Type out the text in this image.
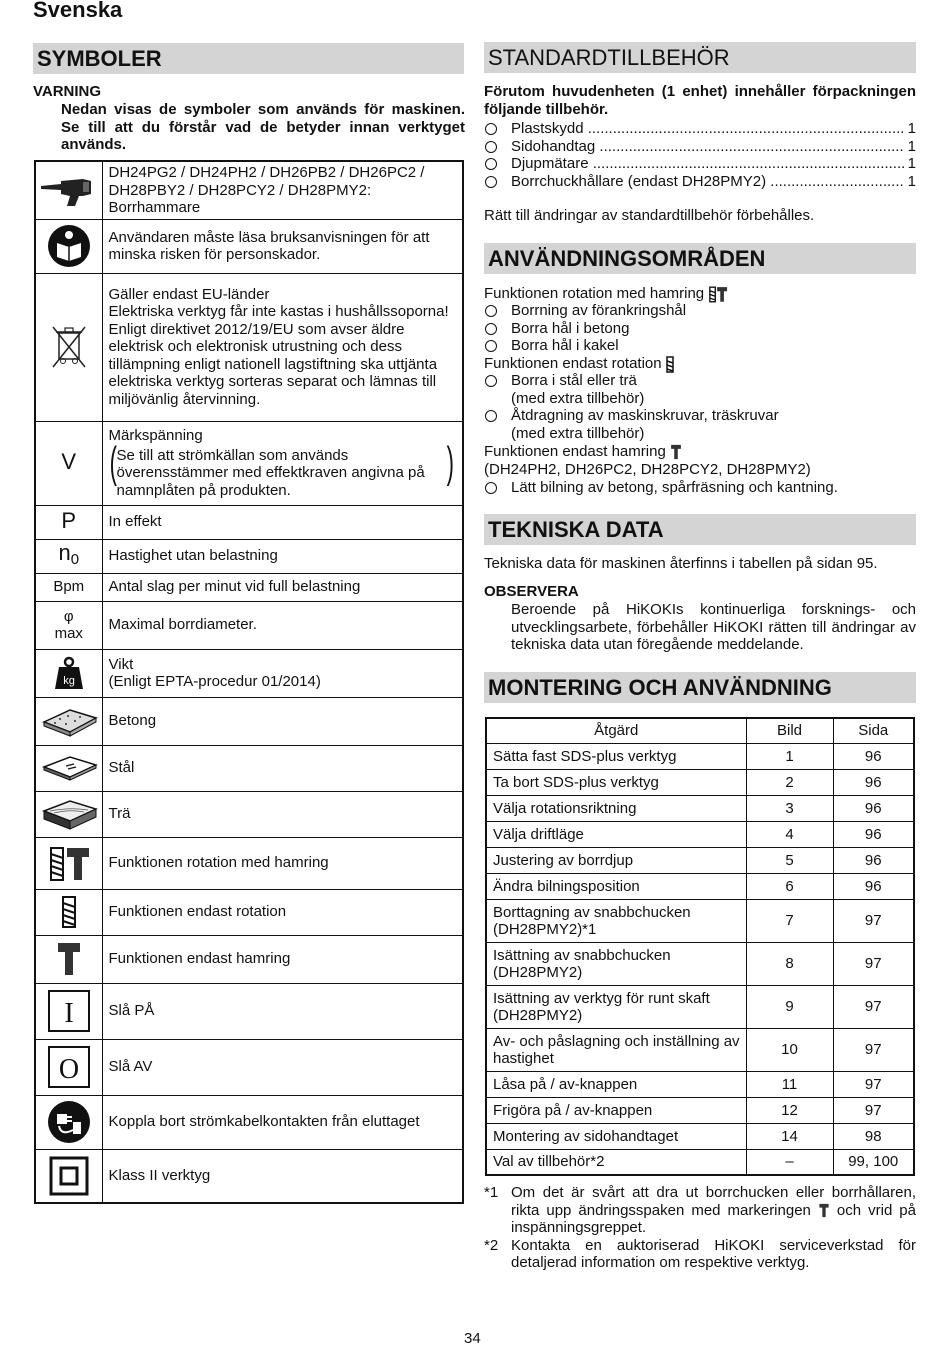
Svenska
SYMBOLER
VARNING
Nedan visas de symboler som används för maskinen. Se till att du förstår vad de betyder innan verktyget används.
	DH24PG2 / DH24PH2 / DH26PB2 / DH26PC2 / DH28PBY2 / DH28PCY2 / DH28PMY2:
Borrhammare
	Användaren måste läsa bruksanvisningen för att minska risken för personskador.
	Gäller endast EU-länder
Elektriska verktyg får inte kastas i hushållssoporna!
Enligt direktivet 2012/19/EU som avser äldre elektrisk och elektronisk utrustning och dess tillämpning enligt nationell lagstiftning ska uttjänta elektriska verktyg sorteras separat och lämnas till miljövänlig återvinning.
V	Märkspänning
( Se till att strömkällan som används överensstämmer med effektkraven angivna på namnplåten på produkten.
)

P	In effekt
$n_0$	Hastighet utan belastning
Bpm	Antal slag per minut vid full belastning

φ
max	Maximal borrdiameter.

kg	Vikt
(Enligt EPTA-procedur 01/2014)
	Betong
	Stål
	Trä
	Funktionen rotation med hamring
	Funktionen endast rotation
	Funktionen endast hamring

I	Slå PÅ

O	Slå AV
	Koppla bort strömkabelkontakten från eluttaget
	Klass II verktyg
STANDARDTILLBEHÖR
Förutom huvudenheten (1 enhet) innehåller förpackningen följande tillbehör.
Plastskydd .....	1
Sidohandtag .....	1
Djupmätare .....	1
Borrchuckhållare (endast DH28PMY2) .....	1
Rätt till ändringar av standardtillbehör förbehålles.
ANVÄNDNINGSOMRÅDEN
Funktionen rotation med hamring
Borrning av förankringshål
Borra hål i betong
Borra hål i kakel
Funktionen endast rotation
Borra i stål eller trä
(med extra tillbehör)
Åtdragning av maskinskruvar, träskruvar
(med extra tillbehör)
Funktionen endast hamring
(DH24PH2, DH26PC2, DH28PCY2, DH28PMY2)
Lätt bilning av betong, spårfräsning och kantning.
TEKNISKA DATA
Tekniska data för maskinen återfinns i tabellen på sidan 95.
OBSERVERA
Beroende på HiKOKIs kontinuerliga forsknings- och utvecklingsarbete, förbehåller HiKOKI rätten till ändringar av tekniska data utan föregående meddelande.
MONTERING OCH ANVÄNDNING
Åtgärd	Bild	Sida
Sätta fast SDS-plus verktyg	1	96
Ta bort SDS-plus verktyg	2	96
Välja rotationsriktning	3	96
Välja driftläge	4	96
Justering av borrdjup	5	96
Ändra bilningsposition	6	96
Borttagning av snabbchucken (DH28PMY2)*1	7	97
Isättning av snabbchucken (DH28PMY2)	8	97
Isättning av verktyg för runt skaft (DH28PMY2)	9	97
Av- och påslagning och inställning av hastighet	10	97
Låsa på / av-knappen	11	97
Frigöra på / av-knappen	12	97
Montering av sidohandtaget	14	98
Val av tillbehör*2	–	99, 100
*1 Om det är svårt att dra ut borrchucken eller borrhållaren, rikta upp ändringsspaken med markeringen och vrid på inspänningsgreppet.
*2 Kontakta en auktoriserad HiKOKI serviceverkstad för detaljerad information om respektive verktyg.
34
